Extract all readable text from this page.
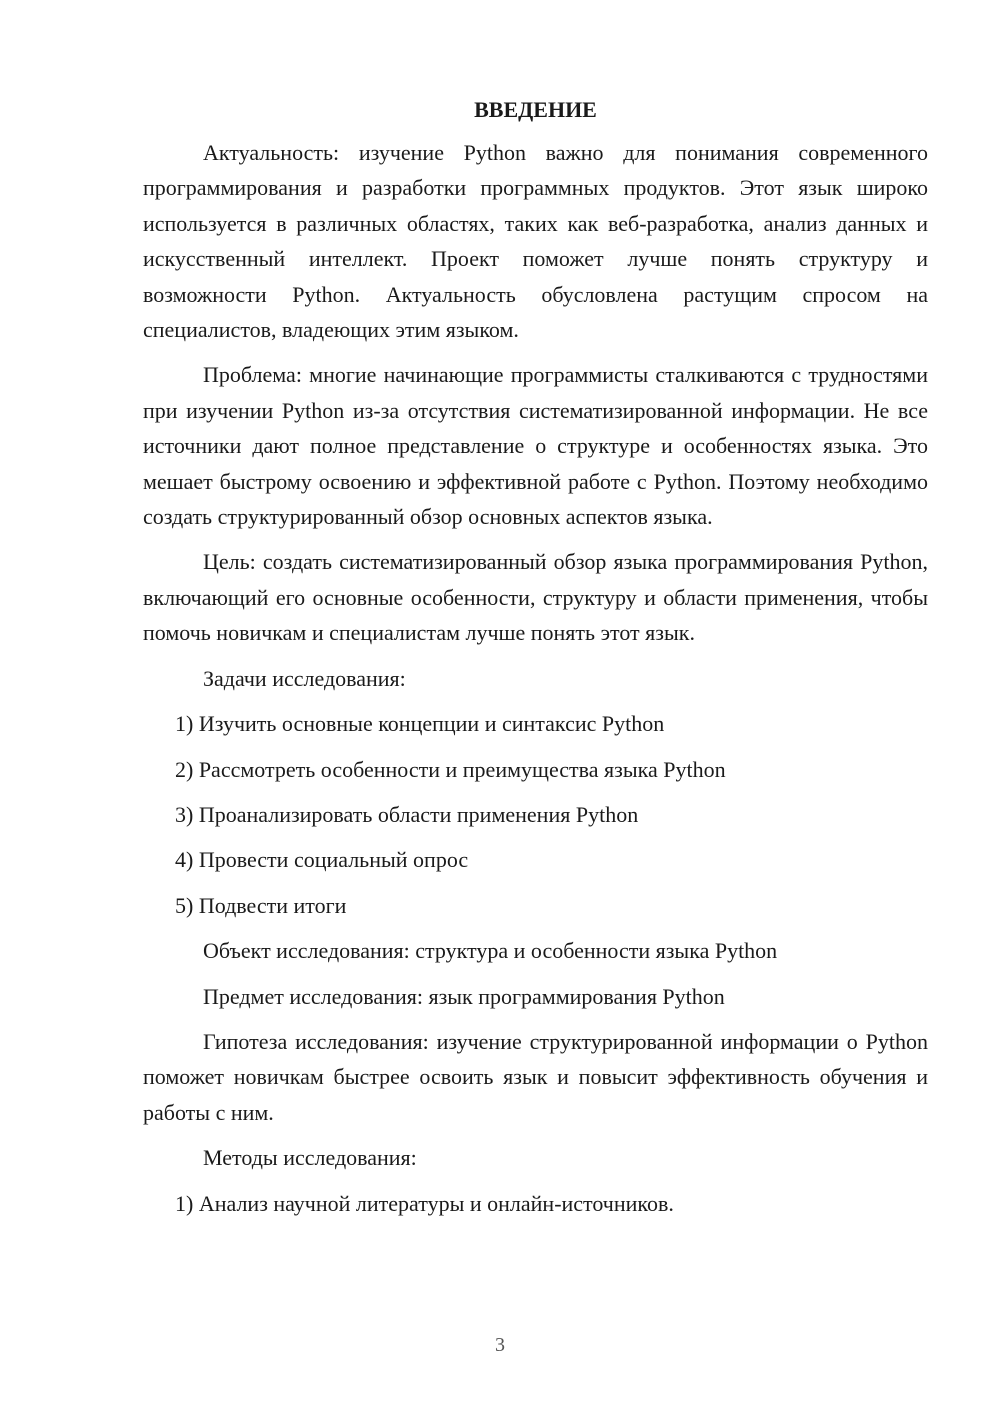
ВВЕДЕНИЕ

Актуальность: изучение Python важно для понимания современного программирования и разработки программных продуктов. Этот язык широко используется в различных областях, таких как веб-разработка, анализ данных и искусственный интеллект. Проект поможет лучше понять структуру и возможности Python. Актуальность обусловлена растущим спросом на специалистов, владеющих этим языком.

Проблема: многие начинающие программисты сталкиваются с трудностями при изучении Python из-за отсутствия систематизированной информации. Не все источники дают полное представление о структуре и особенностях языка. Это мешает быстрому освоению и эффективной работе с Python. Поэтому необходимо создать структурированный обзор основных аспектов языка.

Цель: создать систематизированный обзор языка программирования Python, включающий его основные особенности, структуру и области применения, чтобы помочь новичкам и специалистам лучше понять этот язык.

Задачи исследования:
1) Изучить основные концепции и синтаксис Python
2) Рассмотреть особенности и преимущества языка Python
3) Проанализировать области применения Python
4) Провести социальный опрос
5) Подвести итоги
Объект исследования: структура и особенности языка Python
Предмет исследования: язык программирования Python

Гипотеза исследования: изучение структурированной информации о Python поможет новичкам быстрее освоить язык и повысит эффективность обучения и работы с ним.

Методы исследования:
1) Анализ научной литературы и онлайн-источников.
3
